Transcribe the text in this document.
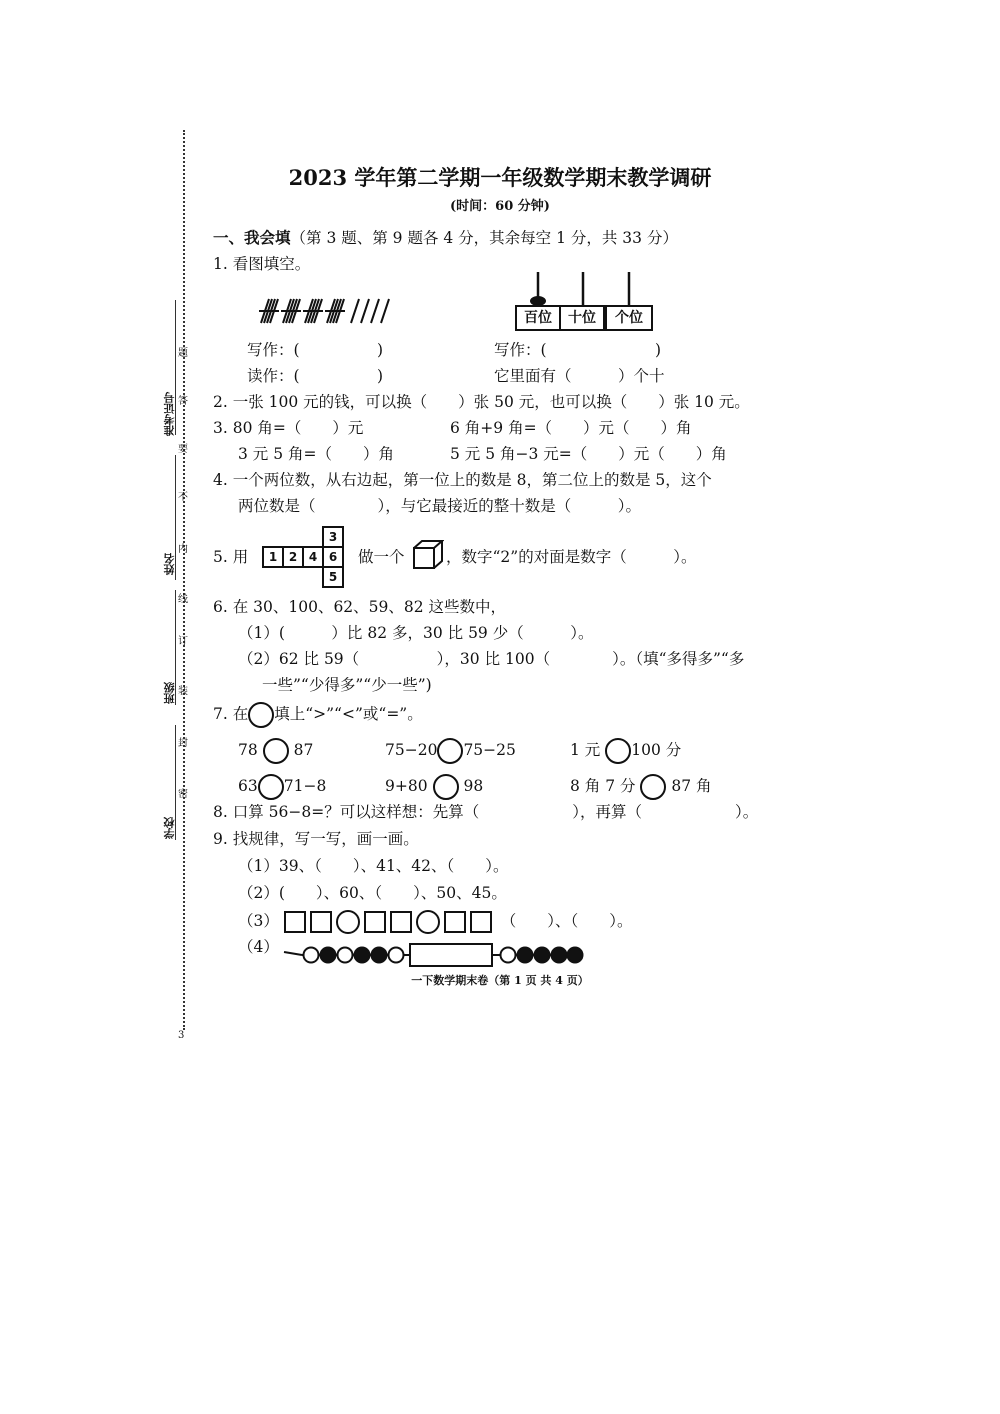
3
准考证号
姓名
班级
学校
题
答
要
不
内
线
订
装
封
密
2023 学年第二学期一年级数学期末教学调研
(时间：60 分钟)
一、我会填（第 3 题、第 9 题各 4 分，其余每空 1 分，共 33 分）
1. 看图填空。
百位	十位	个位
写作：(　　　　　)
读作：(　　　　　)
写作：(　　　　　　　)
它里面有（　　　）个十
2. 一张 100 元的钱，可以换（　　）张 50 元，也可以换（　　）张 10 元。
3. 80 角=（　　）元	6 角+9 角=（　　）元（　　）角
3 元 5 角=（　　）角	5 元 5 角−3 元=（　　）元（　　）角
4. 一个两位数，从右边起，第一位上的数是 8，第二位上的数是 5，这个
两位数是（　　　　），与它最接近的整十数是（　　　）。
5. 用
			3	
1	2	4	6	
			5	
做一个	，数字“2”的对面是数字（　　　）。
6. 在 30、100、62、59、82 这些数中，
（1）(　　　）比 82 多，30 比 59 少（　　　）。
（2）62 比 59（　　　　　），30 比 100（　　　　）。（填“多得多”“多
一些”“少得多”“少一些”)
7. 在 填上“>”“<”或“=”。
78 87	75−20 75−25	1 元 100 分
63 71−8	9+80 98	8 角 7 分 87 角
8. 口算 56−8=？可以这样想：先算（　　　　　　），再算（　　　　　　）。
9. 找规律，写一写，画一画。
（1）39、（　　）、41、42、（　　）。
（2）(　　）、60、（　　）、50、45。
（3）	（　　）、（　　）。
（4）
一下数学期末卷（第 1 页 共 4 页）
